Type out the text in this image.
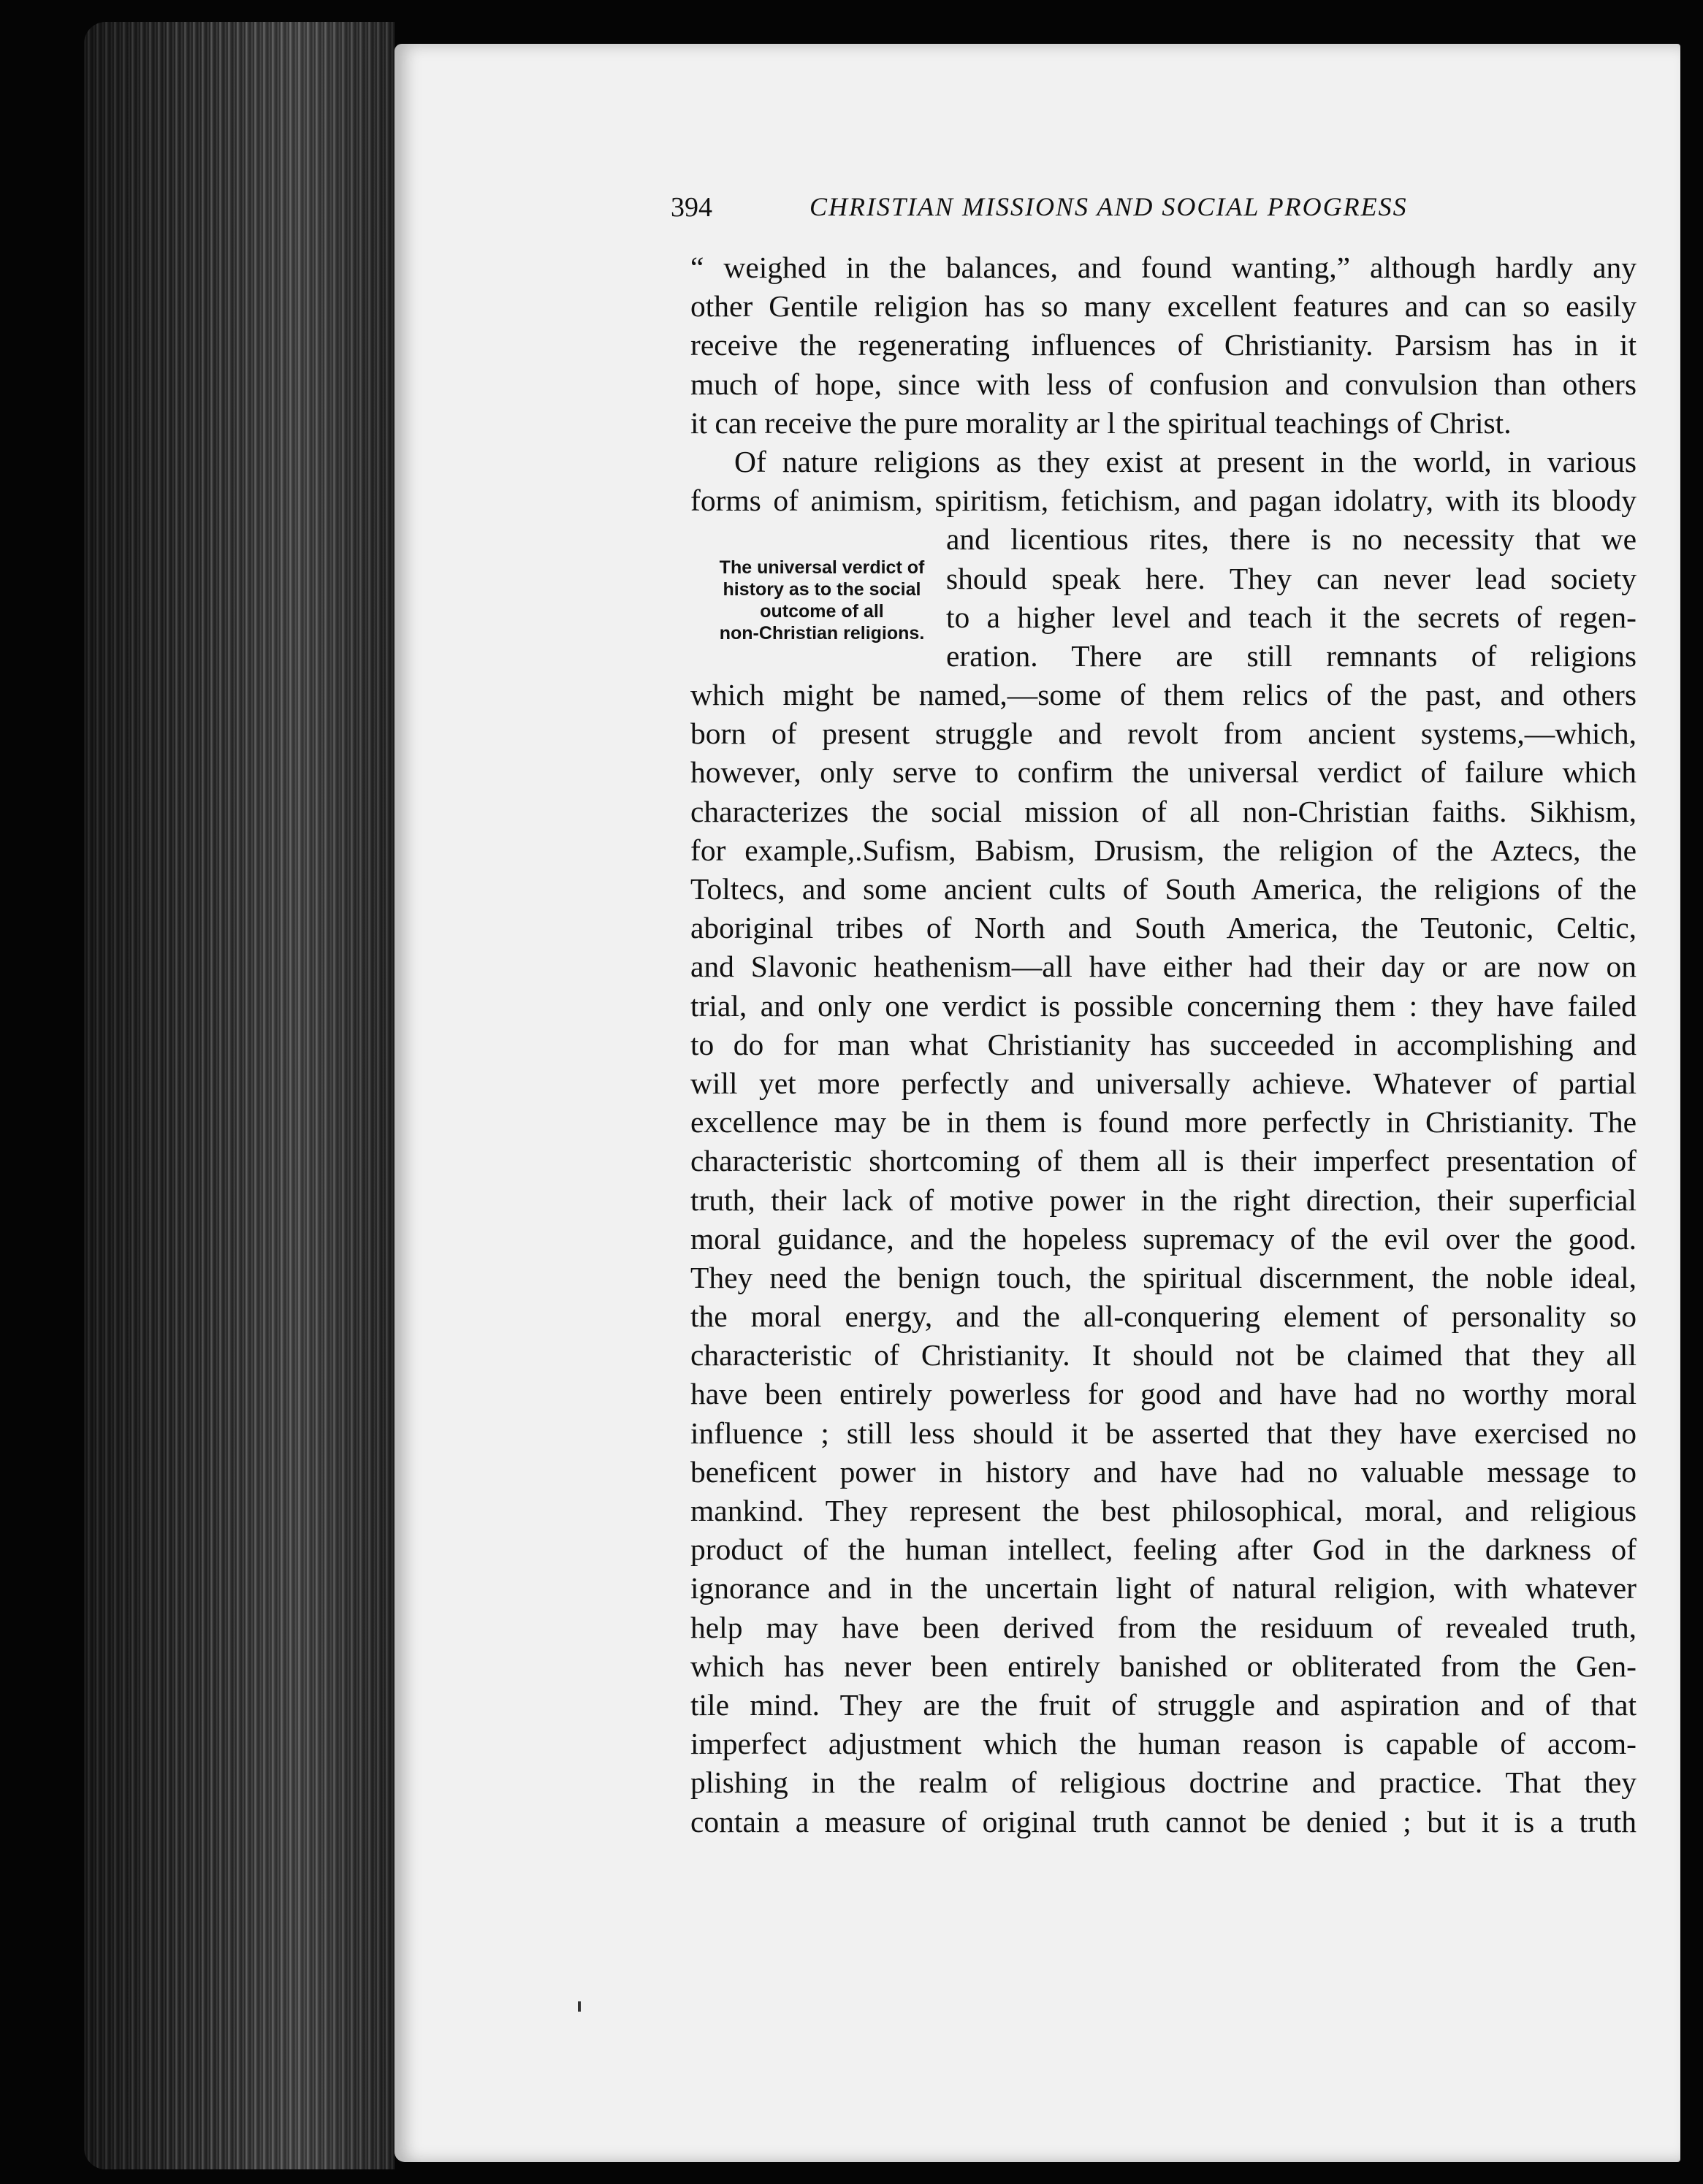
394	CHRISTIAN MISSIONS AND SOCIAL PROGRESS
The universal verdict of
history as to the social
outcome of all
non-Christian religions.
“ weighed in the balances, and found wanting,” although hardly any
other Gentile religion has so many excellent features and can so easily
receive the regenerating influences of Christianity. Parsism has in it
much of hope, since with less of confusion and convulsion than others
it can receive the pure morality ar l the spiritual teachings of Christ.
Of nature religions as they exist at present in the world, in various
forms of animism, spiritism, fetichism, and pagan idolatry, with its bloody
and licentious rites, there is no necessity that we
should speak here. They can never lead society
to a higher level and teach it the secrets of regen-
eration. There are still remnants of religions
which might be named,—some of them relics of the past, and others
born of present struggle and revolt from ancient systems,—which,
however, only serve to confirm the universal verdict of failure which
characterizes the social mission of all non-Christian faiths. Sikhism,
for example,.Sufism, Babism, Drusism, the religion of the Aztecs, the
Toltecs, and some ancient cults of South America, the religions of the
aboriginal tribes of North and South America, the Teutonic, Celtic,
and Slavonic heathenism—all have either had their day or are now on
trial, and only one verdict is possible concerning them : they have failed
to do for man what Christianity has succeeded in accomplishing and
will yet more perfectly and universally achieve. Whatever of partial
excellence may be in them is found more perfectly in Christianity. The
characteristic shortcoming of them all is their imperfect presentation of
truth, their lack of motive power in the right direction, their superficial
moral guidance, and the hopeless supremacy of the evil over the good.
They need the benign touch, the spiritual discernment, the noble ideal,
the moral energy, and the all-conquering element of personality so
characteristic of Christianity. It should not be claimed that they all
have been entirely powerless for good and have had no worthy moral
influence ; still less should it be asserted that they have exercised no
beneficent power in history and have had no valuable message to
mankind. They represent the best philosophical, moral, and religious
product of the human intellect, feeling after God in the darkness of
ignorance and in the uncertain light of natural religion, with whatever
help may have been derived from the residuum of revealed truth,
which has never been entirely banished or obliterated from the Gen-
tile mind. They are the fruit of struggle and aspiration and of that
imperfect adjustment which the human reason is capable of accom-
plishing in the realm of religious doctrine and practice. That they
contain a measure of original truth cannot be denied ; but it is a truth
